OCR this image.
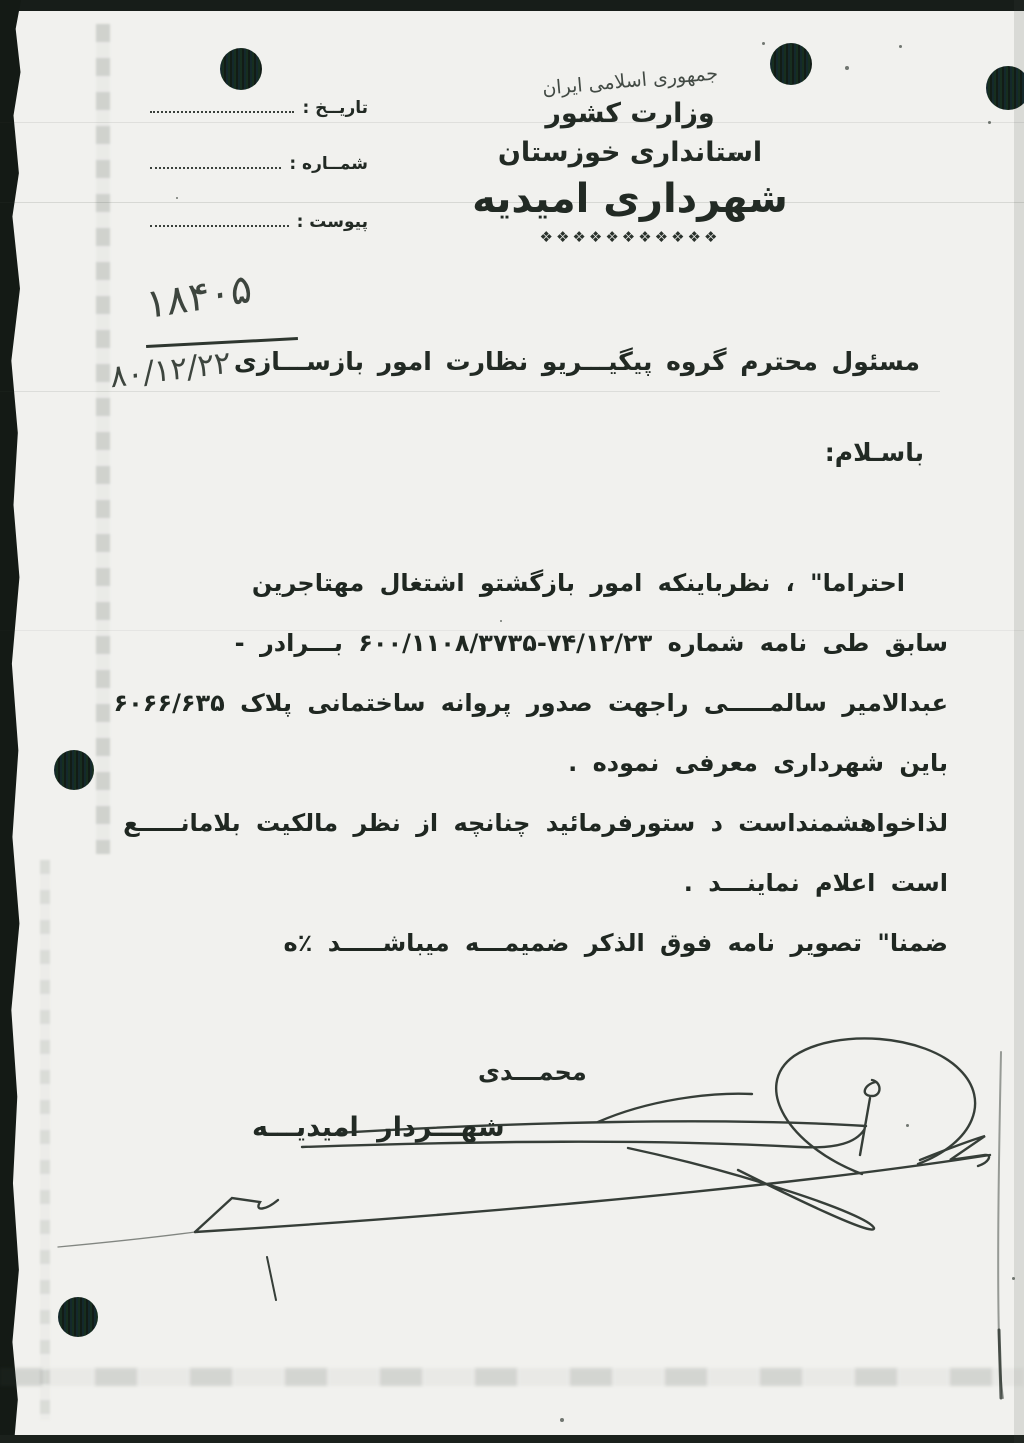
تاریــخ :
شمــاره :
پیوست :
جمهوری اسلامی ایران
وزارت کشور
استانداری خوزستان
شهرداری امیدیه
❖❖❖❖❖❖❖❖❖❖❖
۱۸۴۰۵
۸۰/۱۲/۲۲ مسئول محترم گروه پیگیـــریو نظارت امور بازســـازی
باسـلام:
احتراما" ، نظرباینکه امور بازگشتو اشتغال مهتاجرین
سابق طی نامه شماره ۷۴/۱۲/۲۳-۶۰۰/۱۱۰۸/۳۷۳۵ بـــرادر -
عبدالامیر سالمـــــی راجهت صدور پروانه ساختمانی پلاک ۶۰۶۶/۶۳۵
باین شهرداری معرفی نموده .
لذاخواهشمنداست د ستورفرمائید چنانچه از نظر مالکیت بلامانـــــع
است اعلام نماینـــد .
ضمنا" تصویر نامه فوق الذکر ضمیمـــه میباشـــــد ٪ه
محمـــدی
شهـــردار امیدیـــه
